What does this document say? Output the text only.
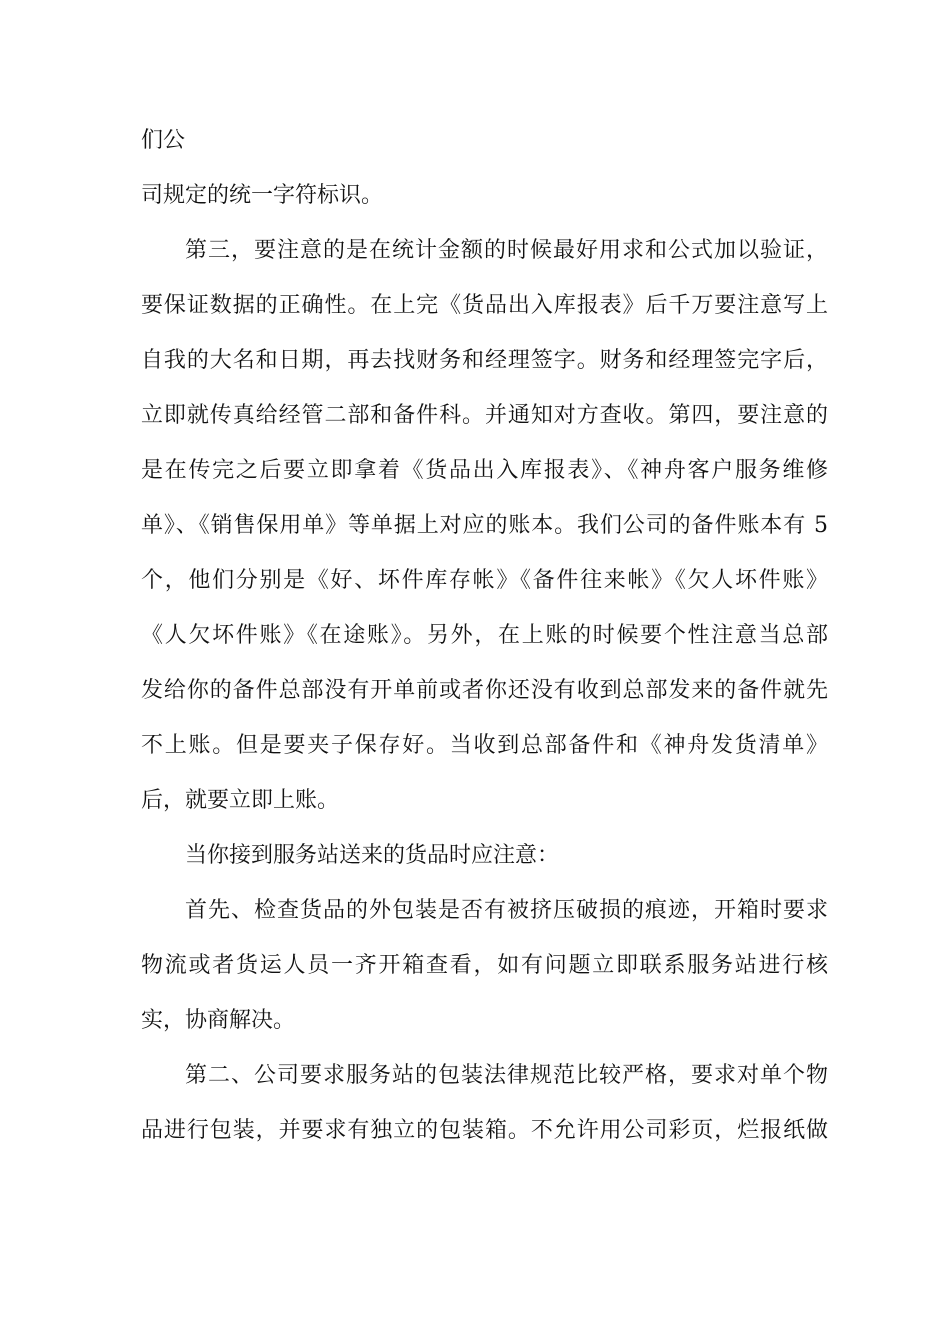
们公
司规定的统一字符标识。
第三，要注意的是在统计金额的时候最好用求和公式加以验证，
要保证数据的正确性。在上完《货品出入库报表》后千万要注意写上
自我的大名和日期，再去找财务和经理签字。财务和经理签完字后，
立即就传真给经管二部和备件科。并通知对方查收。第四，要注意的
是在传完之后要立即拿着《货品出入库报表》、《神舟客户服务维修
单》、《销售保用单》等单据上对应的账本。我们公司的备件账本有 5
个，他们分别是《好、坏件库存帐》《备件往来帐》《欠人坏件账》
《人欠坏件账》《在途账》。另外，在上账的时候要个性注意当总部
发给你的备件总部没有开单前或者你还没有收到总部发来的备件就先
不上账。但是要夹子保存好。当收到总部备件和《神舟发货清单》
后，就要立即上账。
当你接到服务站送来的货品时应注意：
首先、检查货品的外包装是否有被挤压破损的痕迹，开箱时要求
物流或者货运人员一齐开箱查看，如有问题立即联系服务站进行核
实，协商解决。
第二、公司要求服务站的包装法律规范比较严格，要求对单个物
品进行包装，并要求有独立的包装箱。不允许用公司彩页，烂报纸做
